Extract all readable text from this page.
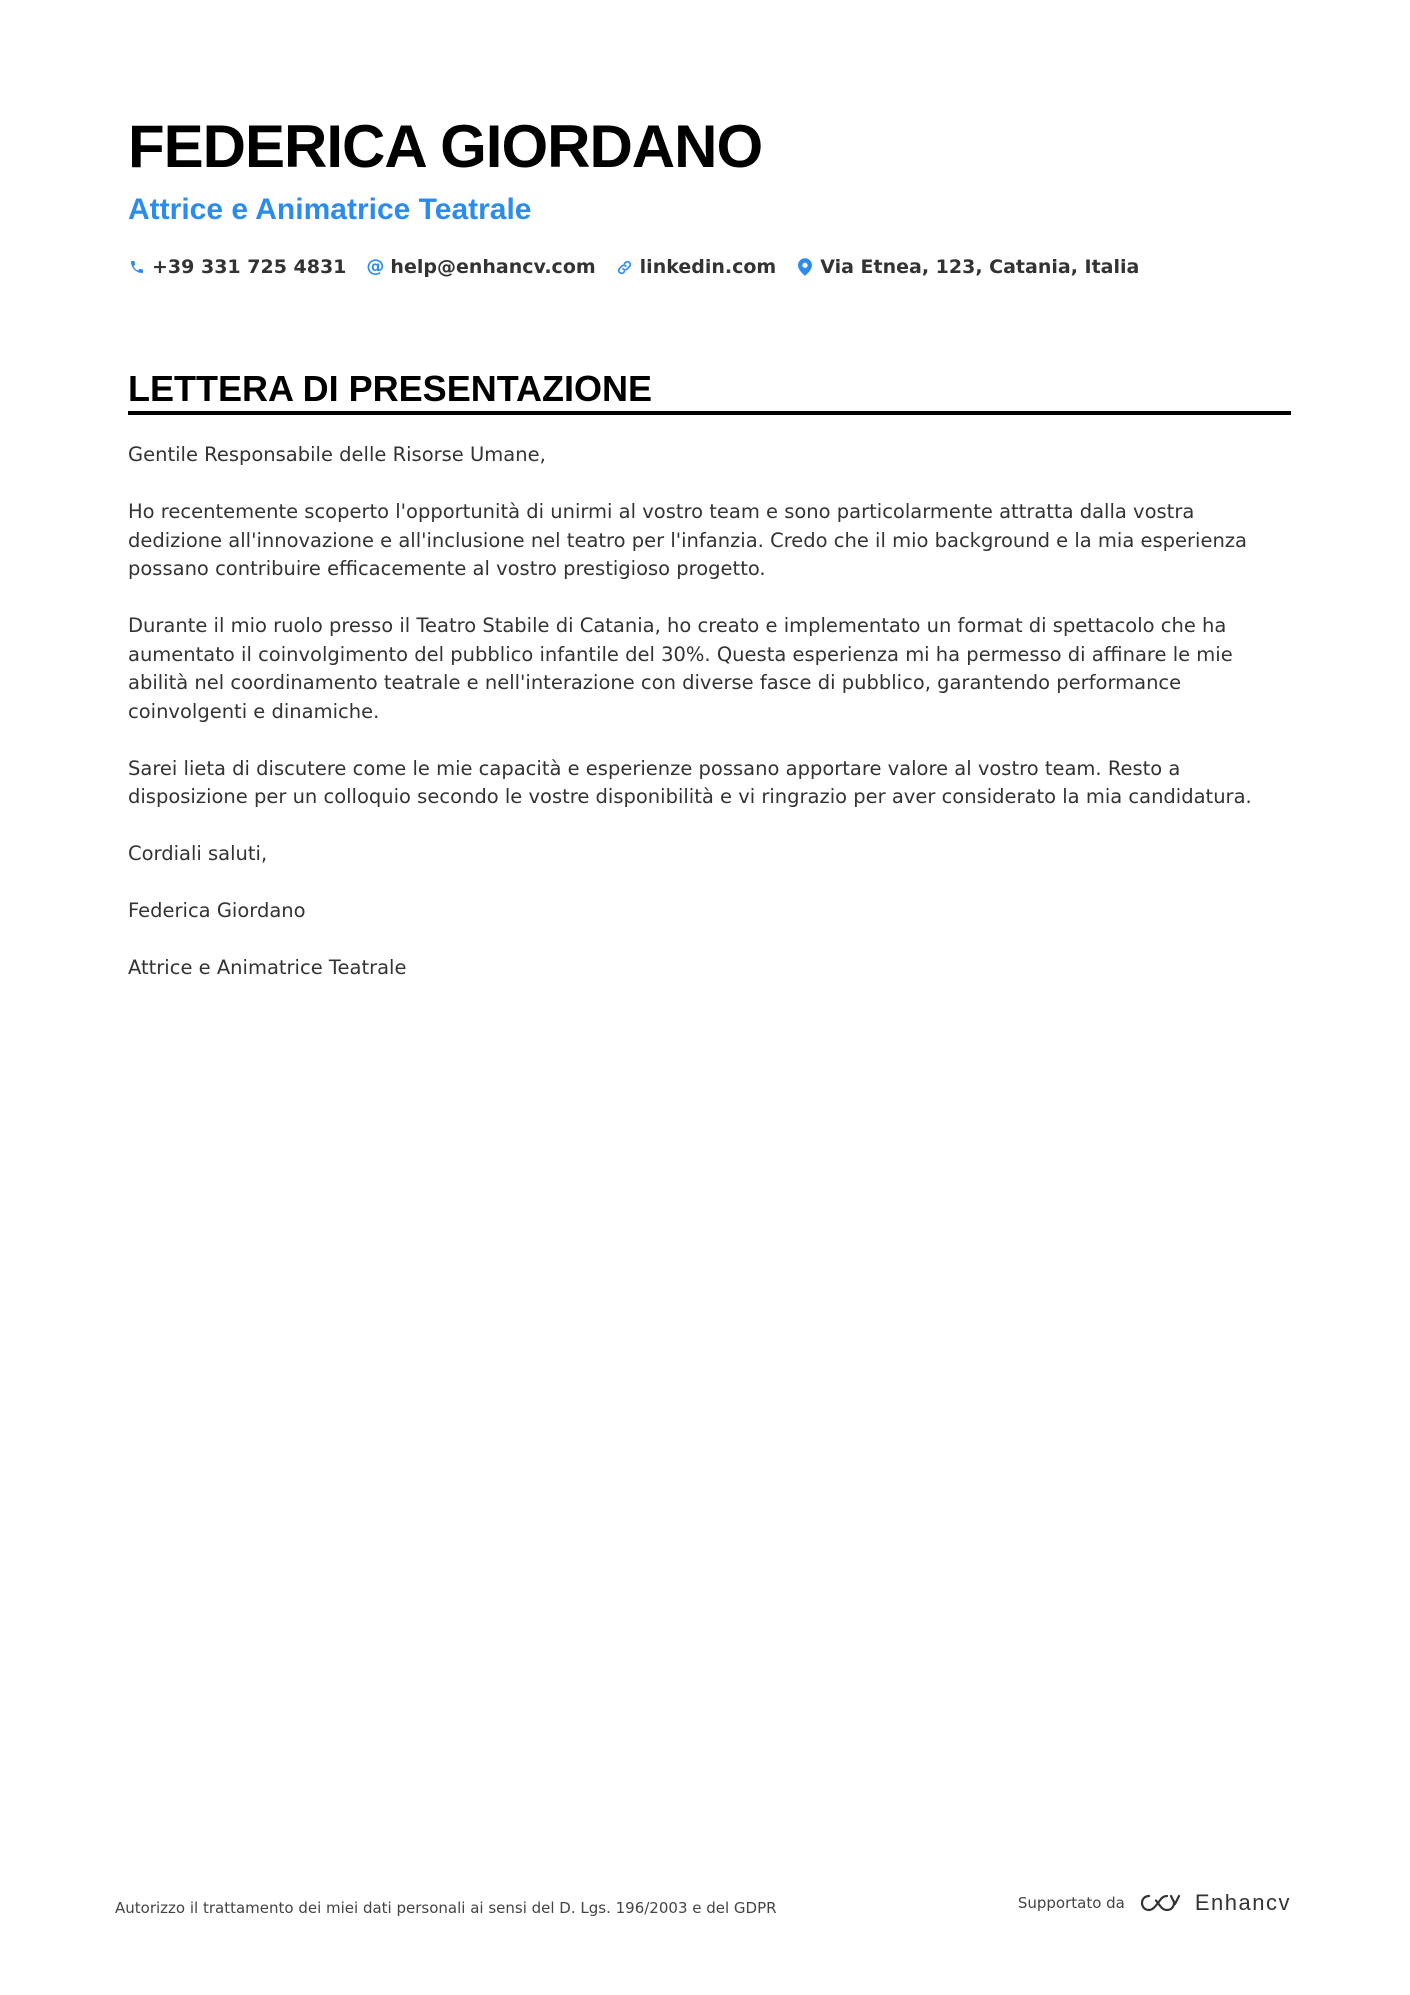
FEDERICA GIORDANO
Attrice e Animatrice Teatrale
+39 331 725 4831 @ help@enhancv.com linkedin.com Via Etnea, 123, Catania, Italia
LETTERA DI PRESENTAZIONE

Gentile Responsabile delle Risorse Umane,

Ho recentemente scoperto l'opportunità di unirmi al vostro team e sono particolarmente attratta dalla vostra dedizione all'innovazione e all'inclusione nel teatro per l'infanzia. Credo che il mio background e la mia esperienza possano contribuire efficacemente al vostro prestigioso progetto.

Durante il mio ruolo presso il Teatro Stabile di Catania, ho creato e implementato un format di spettacolo che ha aumentato il coinvolgimento del pubblico infantile del 30%. Questa esperienza mi ha permesso di affinare le mie abilità nel coordinamento teatrale e nell'interazione con diverse fasce di pubblico, garantendo performance coinvolgenti e dinamiche.

Sarei lieta di discutere come le mie capacità e esperienze possano apportare valore al vostro team. Resto a disposizione per un colloquio secondo le vostre disponibilità e vi ringrazio per aver considerato la mia candidatura.

Cordiali saluti,

Federica Giordano

Attrice e Animatrice Teatrale

Autorizzo il trattamento dei miei dati personali ai sensi del D. Lgs. 196/2003 e del GDPR	Supportato da	Enhancv
